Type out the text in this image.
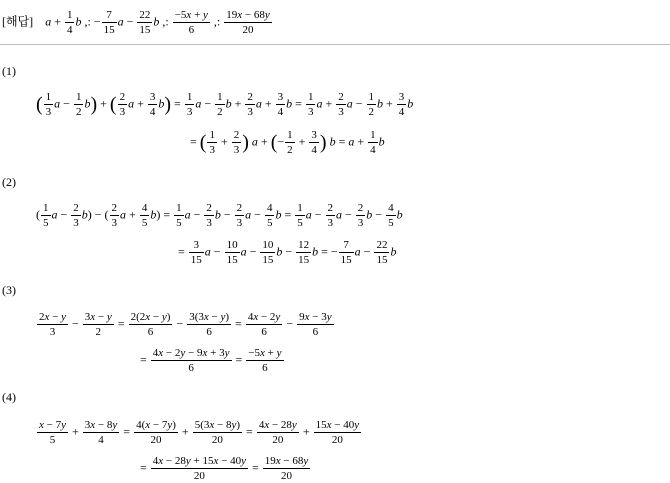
[해답] $a + \frac{1}{4}$ b ,: − $\frac{7}{15}$ $a - \frac{22}{15}$ b ,: $\frac{-5x + y}{6}$ ,: $\frac{19x - 68y}{20}$
(1)
( $\frac{1}{3}$ $a - \frac{1}{2} b$) + ( $\frac{2}{3}$ $a + \frac{3}{4} b) = \frac{1}{3}$ $a - \frac{1}{2}$ $b + \frac{2}{3}$ $a + \frac{3}{4}$ $b = \frac{1}{3}$ $a + \frac{2}{3}$ $a - \frac{1}{2}$ $b + \frac{3}{4}$ b
= ( $\frac{1}{3} + \frac{2}{3}$ ) a + (− $\frac{1}{2} + \frac{3}{4}$ ) $b = a + \frac{1}{4}$ b
(2)
( $\frac{1}{5}$ $a - \frac{2}{3} b$) − ( $\frac{2}{3}$ $a + \frac{4}{5} b) = \frac{1}{5}$ $a - \frac{2}{3}$ $b - \frac{2}{3}$ $a - \frac{4}{5}$ $b = \frac{1}{5}$ $a - \frac{2}{3}$ $a - \frac{2}{3}$ $b - \frac{4}{5}$ b
= $\frac{3}{15}$ $a - \frac{10}{15}$ $a - \frac{10}{15}$ $b - \frac{12}{15}$ b = − $\frac{7}{15}$ $a - \frac{22}{15}$ b
(3)
$\frac{2x - y}{3} - \frac{3x - y}{2} = \frac{2(2x - y)}{6} - \frac{3(3x - y)}{6} = \frac{4x - 2y}{6} - \frac{9x - 3y}{6}$
= $\frac{4x - 2y - 9x + 3y}{6} = \frac{-5x + y}{6}$
(4)
$\frac{x - 7y}{5} + \frac{3x - 8y}{4} = \frac{4(x - 7y)}{20} + \frac{5(3x - 8y)}{20} = \frac{4x - 28y}{20} + \frac{15x - 40y}{20}$
= $\frac{4x - 28y + 15x - 40y}{20} = \frac{19x - 68y}{20}$
